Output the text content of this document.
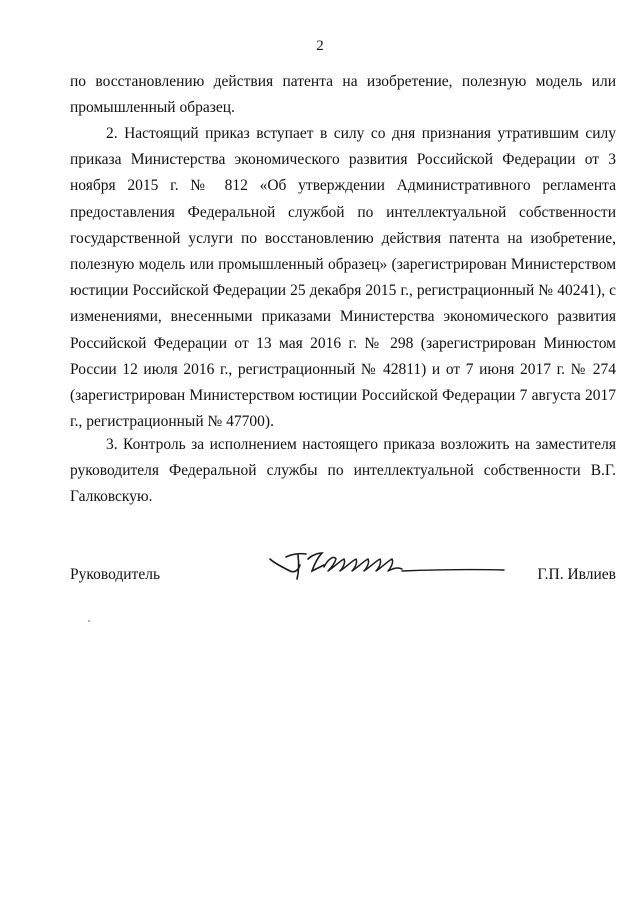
2

по восстановлению действия патента на изобретение, полезную модель или промышленный образец.

2. Настоящий приказ вступает в силу со дня признания утратившим силу приказа Министерства экономического развития Российской Федерации от 3 ноября 2015 г. № 812 «Об утверждении Административного регламента предоставления Федеральной службой по интеллектуальной собственности государственной услуги по восстановлению действия патента на изобретение, полезную модель или промышленный образец» (зарегистрирован Министерством юстиции Российской Федерации 25 декабря 2015 г., регистрационный № 40241), с изменениями, внесенными приказами Министерства экономического развития Российской Федерации от 13 мая 2016 г. № 298 (зарегистрирован Минюстом России 12 июля 2016 г., регистрационный № 42811) и от 7 июня 2017 г. № 274 (зарегистрирован Министерством юстиции Российской Федерации 7 августа 2017 г., регистрационный № 47700).

3. Контроль за исполнением настоящего приказа возложить на заместителя руководителя Федеральной службы по интеллектуальной собственности В.Г. Галковскую.

Руководитель	Г.П. Ивлиев
